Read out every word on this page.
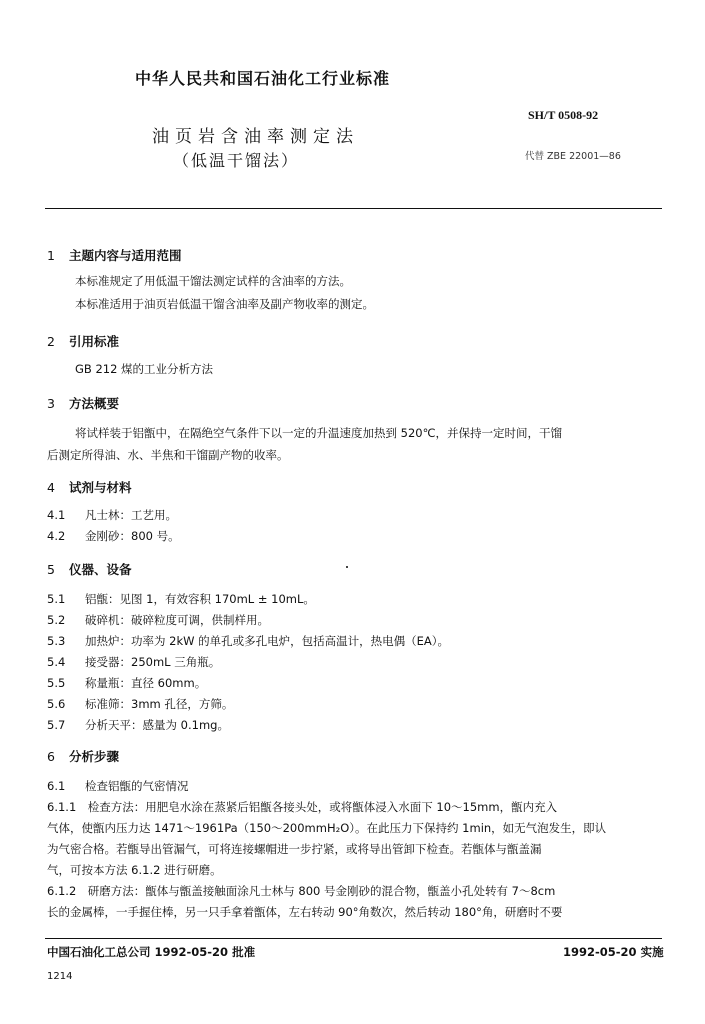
中华人民共和国石油化工行业标准
SH/T 0508-92
油页岩含油率测定法
（低温干馏法）	代替 ZBE 22001—86
1 主题内容与适用范围
本标准规定了用低温干馏法测定试样的含油率的方法。
本标准适用于油页岩低温干馏含油率及副产物收率的测定。
2 引用标准
GB 212 煤的工业分析方法
3 方法概要
将试样装于铝甑中，在隔绝空气条件下以一定的升温速度加热到 520℃，并保持一定时间，干馏
后测定所得油、水、半焦和干馏副产物的收率。
4 试剂与材料
4.1 凡士林：工艺用。
4.2 金刚砂：800 号。
5 仪器、设备
5.1 铝甑：见图 1，有效容积 170mL ± 10mL。
5.2 破碎机：破碎粒度可调，供制样用。
5.3 加热炉：功率为 2kW 的单孔或多孔电炉，包括高温计，热电偶（EA）。
5.4 接受器：250mL 三角瓶。
5.5 称量瓶：直径 60mm。
5.6 标准筛：3mm 孔径，方筛。
5.7 分析天平：感量为 0.1mg。
6 分析步骤
6.1 检查铝甑的气密情况
6.1.1　检查方法：用肥皂水涂在蒸紧后铝甑各接头处，或将甑体浸入水面下 10～15mm，甑内充入
气体，使甑内压力达 1471～1961Pa（150～200mmH₂O）。在此压力下保持约 1min，如无气泡发生，即认
为气密合格。若甑导出管漏气，可将连接螺帽进一步拧紧，或将导出管卸下检查。若甑体与甑盖漏
气，可按本方法 6.1.2 进行研磨。
6.1.2　研磨方法：甑体与甑盖接触面涂凡士林与 800 号金刚砂的混合物，甑盖小孔处转有 7～8cm
长的金属棒，一手握住棒，另一只手拿着甑体，左右转动 90°角数次，然后转动 180°角，研磨时不要
中国石油化工总公司 1992-05-20 批准	1992-05-20 实施
1214
